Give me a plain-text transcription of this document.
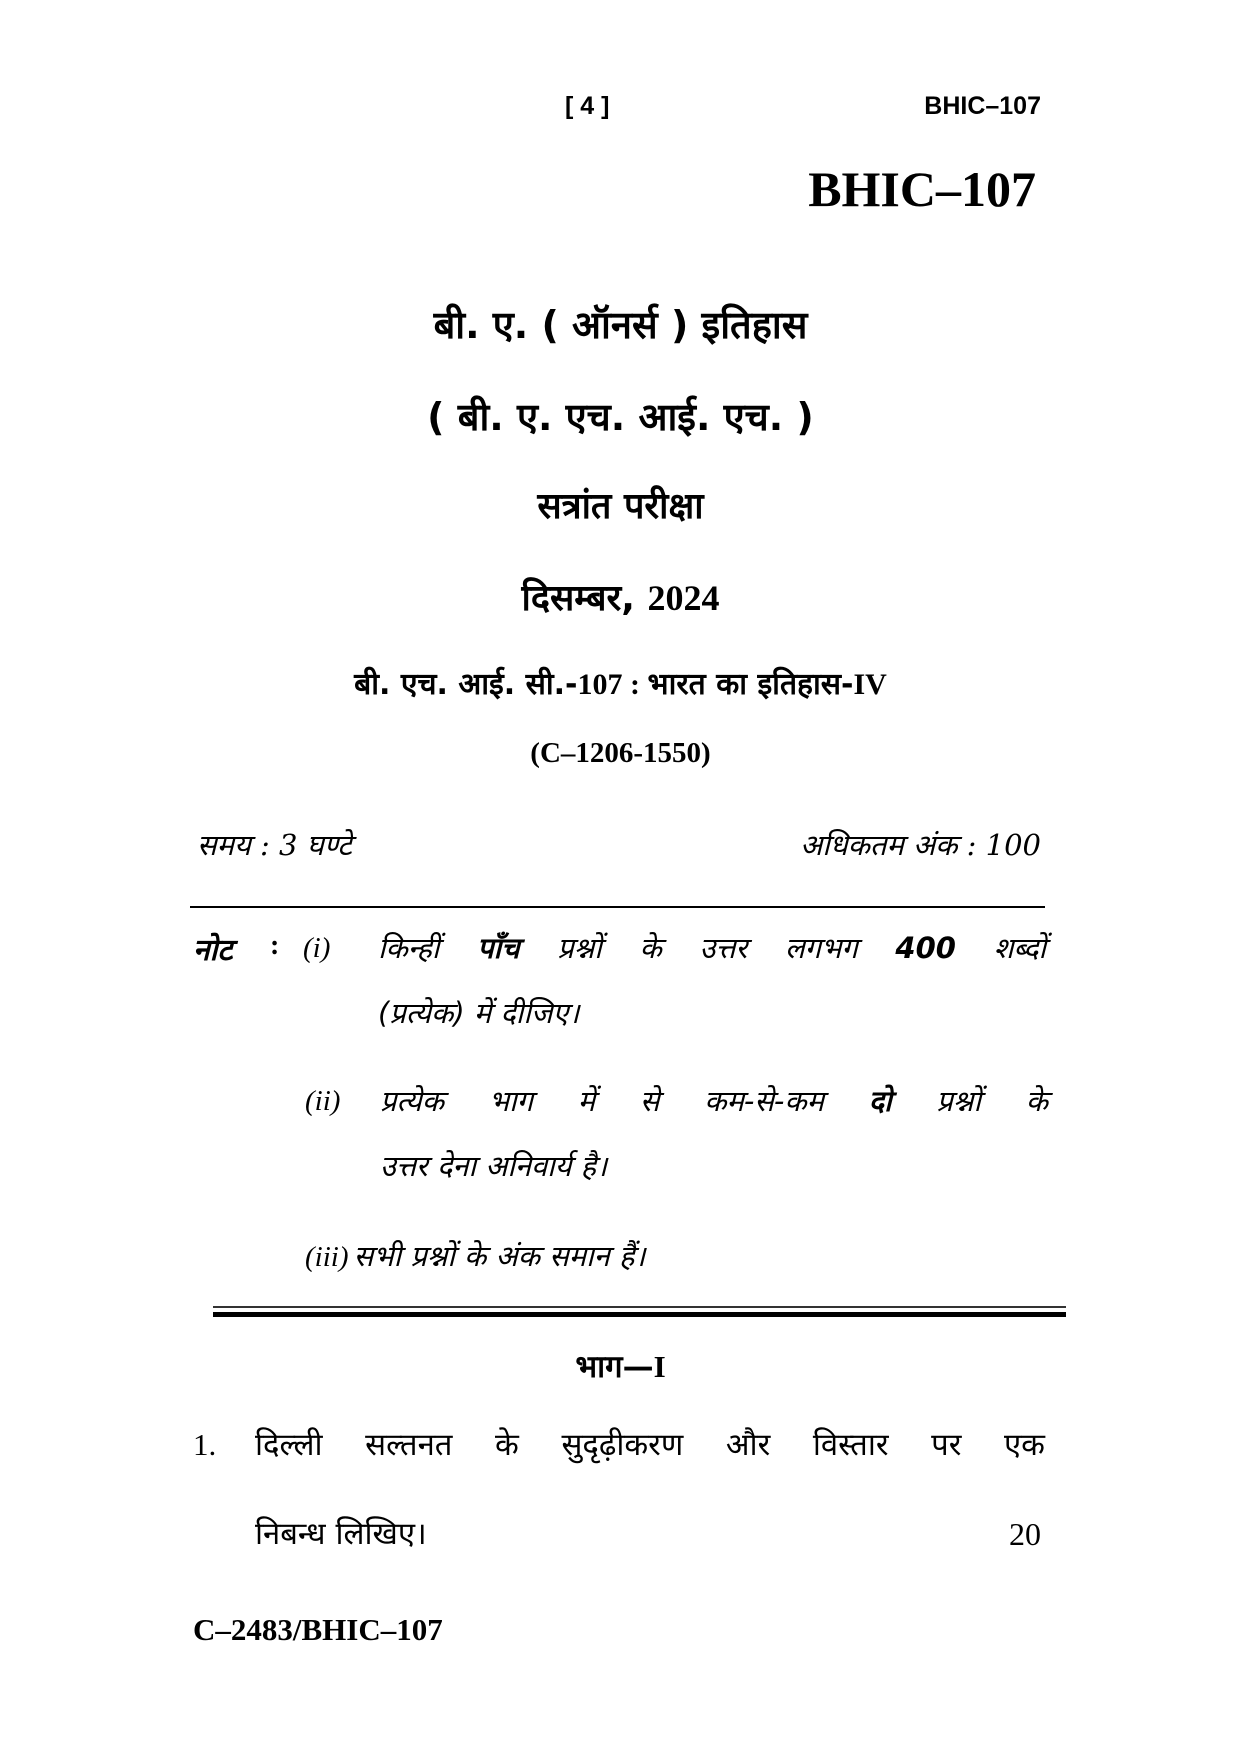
[ 4 ]	BHIC–107
BHIC–107
बी. ए. ( ऑनर्स ) इतिहास
( बी. ए. एच. आई. एच. )
सत्रांत परीक्षा
दिसम्बर, 2024
बी. एच. आई. सी.-107 : भारत का इतिहास-IV
(C–1206-1550)
समय : 3 घण्टे	अधिकतम अंक : 100
नोट : (i) किन्हीं पाँच प्रश्नों के उत्तर लगभग 400 शब्दों
(प्रत्येक) में दीजिए।
(ii) प्रत्येक भाग में से कम-से-कम दो प्रश्नों के
उत्तर देना अनिवार्य है।
(iii) सभी प्रश्नों के अंक समान हैं।
भाग—I
1. दिल्ली सल्तनत के सुदृढ़ीकरण और विस्तार पर एक
निबन्ध लिखिए।	20
C–2483/BHIC–107
